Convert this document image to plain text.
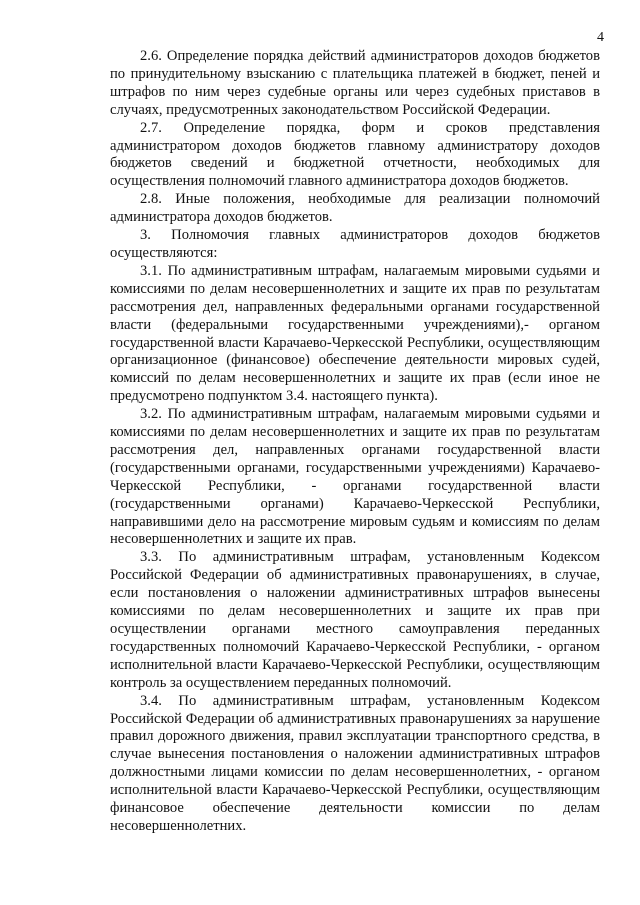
4

2.6. Определение порядка действий администраторов доходов бюджетов по принудительному взысканию с плательщика платежей в бюджет, пеней и штрафов по ним через судебные органы или через судебных приставов в случаях, предусмотренных законодательством Российской Федерации.

2.7. Определение порядка, форм и сроков представления администратором доходов бюджетов главному администратору доходов бюджетов сведений и бюджетной отчетности, необходимых для осуществления полномочий главного администратора доходов бюджетов.

2.8. Иные положения, необходимые для реализации полномочий администратора доходов бюджетов.

3. Полномочия главных администраторов доходов бюджетов осуществляются:

3.1. По административным штрафам, налагаемым мировыми судьями и комиссиями по делам несовершеннолетних и защите их прав по результатам рассмотрения дел, направленных федеральными органами государственной власти (федеральными государственными учреждениями),- органом государственной власти Карачаево-Черкесской Республики, осуществляющим организационное (финансовое) обеспечение деятельности мировых судей, комиссий по делам несовершеннолетних и защите их прав (если иное не предусмотрено подпунктом 3.4. настоящего пункта).

3.2. По административным штрафам, налагаемым мировыми судьями и комиссиями по делам несовершеннолетних и защите их прав по результатам рассмотрения дел, направленных органами государственной власти (государственными органами, государственными учреждениями) Карачаево-Черкесской Республики, - органами государственной власти (государственными органами) Карачаево-Черкесской Республики, направившими дело на рассмотрение мировым судьям и комиссиям по делам несовершеннолетних и защите их прав.

3.3. По административным штрафам, установленным Кодексом Российской Федерации об административных правонарушениях, в случае, если постановления о наложении административных штрафов вынесены комиссиями по делам несовершеннолетних и защите их прав при осуществлении органами местного самоуправления переданных государственных полномочий Карачаево-Черкесской Республики, - органом исполнительной власти Карачаево-Черкесской Республики, осуществляющим контроль за осуществлением переданных полномочий.

3.4. По административным штрафам, установленным Кодексом Российской Федерации об административных правонарушениях за нарушение правил дорожного движения, правил эксплуатации транспортного средства, в случае вынесения постановления о наложении административных штрафов должностными лицами комиссии по делам несовершеннолетних, - органом исполнительной власти Карачаево-Черкесской Республики, осуществляющим финансовое обеспечение деятельности комиссии по делам несовершеннолетних.
